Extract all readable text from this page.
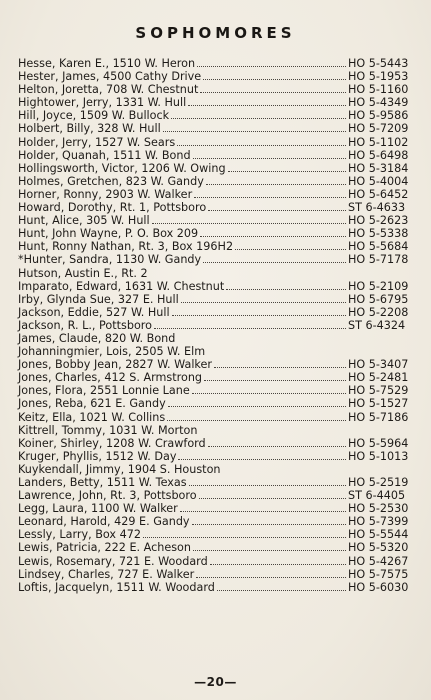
SOPHOMORES
Hesse, Karen E., 1510 W. Heron	HO 5-5443
Hester, James, 4500 Cathy Drive	HO 5-1953
Helton, Joretta, 708 W. Chestnut	HO 5-1160
Hightower, Jerry, 1331 W. Hull	HO 5-4349
Hill, Joyce, 1509 W. Bullock	HO 5-9586
Holbert, Billy, 328 W. Hull	HO 5-7209
Holder, Jerry, 1527 W. Sears	HO 5-1102
Holder, Quanah, 1511 W. Bond	HO 5-6498
Hollingsworth, Victor, 1206 W. Owing	HO 5-3184
Holmes, Gretchen, 823 W. Gandy	HO 5-4004
Horner, Ronny, 2903 W. Walker	HO 5-6452
Howard, Dorothy, Rt. 1, Pottsboro	ST 6-4633
Hunt, Alice, 305 W. Hull	HO 5-2623
Hunt, John Wayne, P. O. Box 209	HO 5-5338
Hunt, Ronny Nathan, Rt. 3, Box 196H2	HO 5-5684
*Hunter, Sandra, 1130 W. Gandy	HO 5-7178
Hutson, Austin E., Rt. 2
Imparato, Edward, 1631 W. Chestnut	HO 5-2109
Irby, Glynda Sue, 327 E. Hull	HO 5-6795
Jackson, Eddie, 527 W. Hull	HO 5-2208
Jackson, R. L., Pottsboro	ST 6-4324
James, Claude, 820 W. Bond
Johanningmier, Lois, 2505 W. Elm
Jones, Bobby Jean, 2827 W. Walker	HO 5-3407
Jones, Charles, 412 S. Armstrong	HO 5-2481
Jones, Flora, 2551 Lonnie Lane	HO 5-7529
Jones, Reba, 621 E. Gandy	HO 5-1527
Keitz, Ella, 1021 W. Collins	HO 5-7186
Kittrell, Tommy, 1031 W. Morton
Koiner, Shirley, 1208 W. Crawford	HO 5-5964
Kruger, Phyllis, 1512 W. Day	HO 5-1013
Kuykendall, Jimmy, 1904 S. Houston
Landers, Betty, 1511 W. Texas	HO 5-2519
Lawrence, John, Rt. 3, Pottsboro	ST 6-4405
Legg, Laura, 1100 W. Walker	HO 5-2530
Leonard, Harold, 429 E. Gandy	HO 5-7399
Lessly, Larry, Box 472	HO 5-5544
Lewis, Patricia, 222 E. Acheson	HO 5-5320
Lewis, Rosemary, 721 E. Woodard	HO 5-4267
Lindsey, Charles, 727 E. Walker	HO 5-7575
Loftis, Jacquelyn, 1511 W. Woodard	HO 5-6030
—20—
